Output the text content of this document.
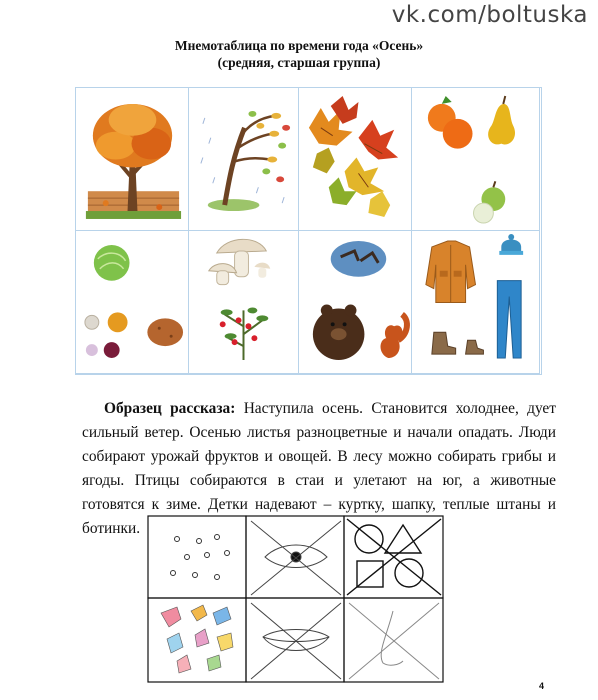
vk.com/boltuska
Мнемотаблица по времени года «Осень»
(средняя, старшая группа)
Образец рассказа: Наступила осень. Становится холоднее, дует сильный ветер. Осенью листья разноцветные и начали опадать. Люди собирают урожай фруктов и овощей. В лесу можно собирать грибы и ягоды. Птицы собираются в стаи и улетают на юг, а животные готовятся к зиме. Детки надевают – куртку, шапку, теплые штаны и ботинки.
4
